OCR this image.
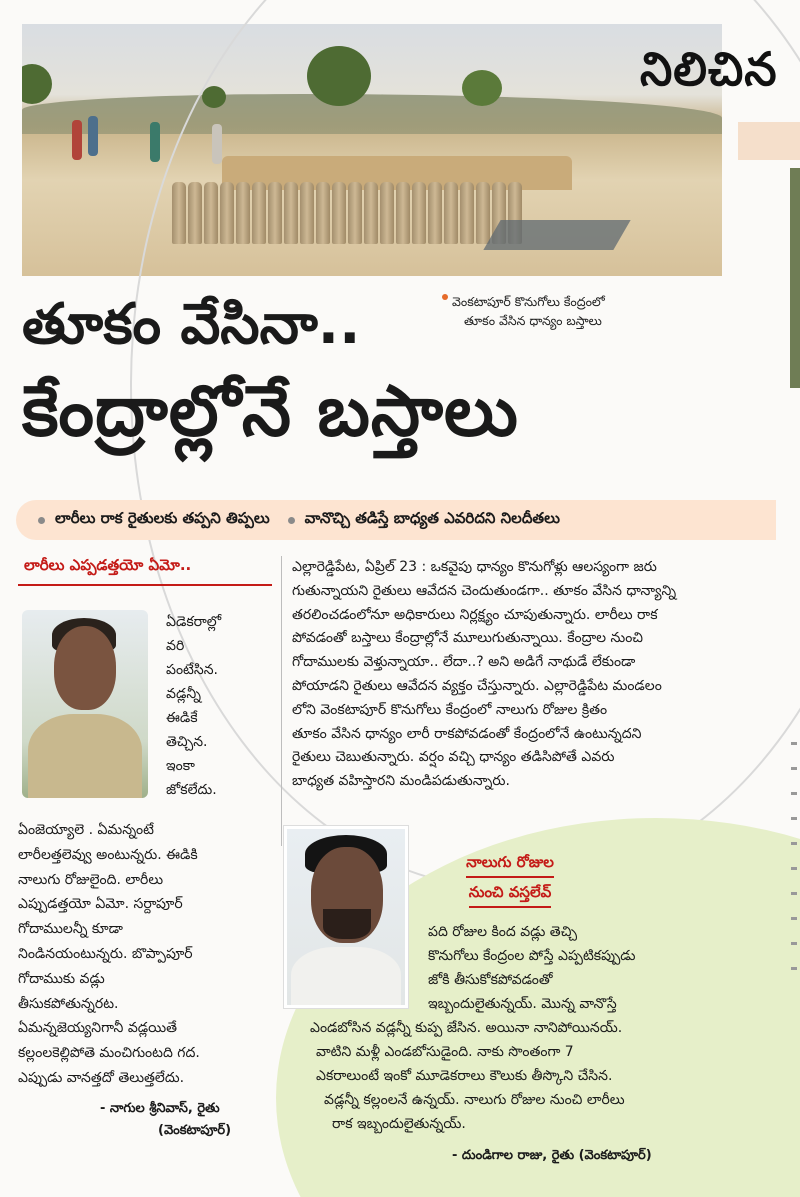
నిలిచిన
వెంకటాపూర్ కొనుగోలు కేంద్రంలో
తూకం వేసిన ధాన్యం బస్తాలు
తూకం వేసినా..
కేంద్రాల్లోనే బస్తాలు
లారీలు రాక రైతులకు తప్పని తిప్పలు వానొచ్చి తడిస్తే బాధ్యత ఎవరిదని నిలదీతలు
లారీలు ఎప్పడత్తయో ఏమో..
ఏడెకరాల్లో
వరి
పంటేసిన.
వడ్లన్నీ
ఈడికే
తెచ్చిన.
ఇంకా
జోకలేదు.
ఏంజెయ్యాలె . ఏమన్నంటే
లారీలత్తలెవ్వు అంటున్నరు. ఈడికి
నాలుగు రోజులైంది. లారీలు
ఎప్పుడత్తయో ఏమో. సర్దాపూర్
గోదాములన్నీ కూడా
నిండినయంటున్నరు. బొప్పాపూర్
గోదాముకు వడ్లు
తీసుకపోతున్నరట.
ఏమన్నజెయ్యనిగానీ వడ్లయితే
కల్లంలకెల్లిపోతె మంచిగుంటది గద.
ఎప్పుడు వానత్తదో తెలుత్తలేదు.
- నాగుల శ్రీనివాస్, రైతు
(వెంకటాపూర్)
ఎల్లారెడ్డిపేట, ఏప్రిల్ 23 : ఒకవైపు ధాన్యం కొనుగోళ్లు ఆలస్యంగా జరు
గుతున్నాయని రైతులు ఆవేదన చెందుతుండగా.. తూకం వేసిన ధాన్యాన్ని
తరలించడంలోనూ అధికారులు నిర్లక్ష్యం చూపుతున్నారు. లారీలు రాక
పోవడంతో బస్తాలు కేంద్రాల్లోనే మూలుగుతున్నాయి. కేంద్రాల నుంచి
గోదాములకు వెళ్తున్నాయా.. లేదా..? అని అడిగే నాథుడే లేకుండా
పోయాడని రైతులు ఆవేదన వ్యక్తం చేస్తున్నారు. ఎల్లారెడ్డిపేట మండలం
లోని వెంకటాపూర్ కొనుగోలు కేంద్రంలో నాలుగు రోజుల క్రితం
తూకం వేసిన ధాన్యం లారీ రాకపోవడంతో కేంద్రంలోనే ఉంటున్నదని
రైతులు చెబుతున్నారు. వర్షం వచ్చి ధాన్యం తడిసిపోతే ఎవరు
బాధ్యత వహిస్తారని మండిపడుతున్నారు.
నాలుగు రోజుల
నుంచి వస్తలేవ్
పది రోజుల కింద వడ్లు తెచ్చి
కొనుగోలు కేంద్రంల పోస్తే ఎప్పటికప్పుడు
జోకి తీసుకోకపోవడంతో
ఇబ్బందులైతున్నయ్. మొన్న వానొస్తే
ఎండబోసిన వడ్లన్నీ కుప్ప జేసిన. అయినా నానిపోయినయ్.
వాటిని మళ్లీ ఎండబోసుడైంది. నాకు సొంతంగా 7
ఎకరాలుంటే ఇంకో మూడెకరాలు కౌలుకు తీస్కొని చేసిన.
వడ్లన్నీ కల్లంలనే ఉన్నయ్. నాలుగు రోజుల నుంచి లారీలు
రాక ఇబ్బందులైతున్నయ్.
- దుండిగాల రాజు, రైతు (వెంకటాపూర్)
